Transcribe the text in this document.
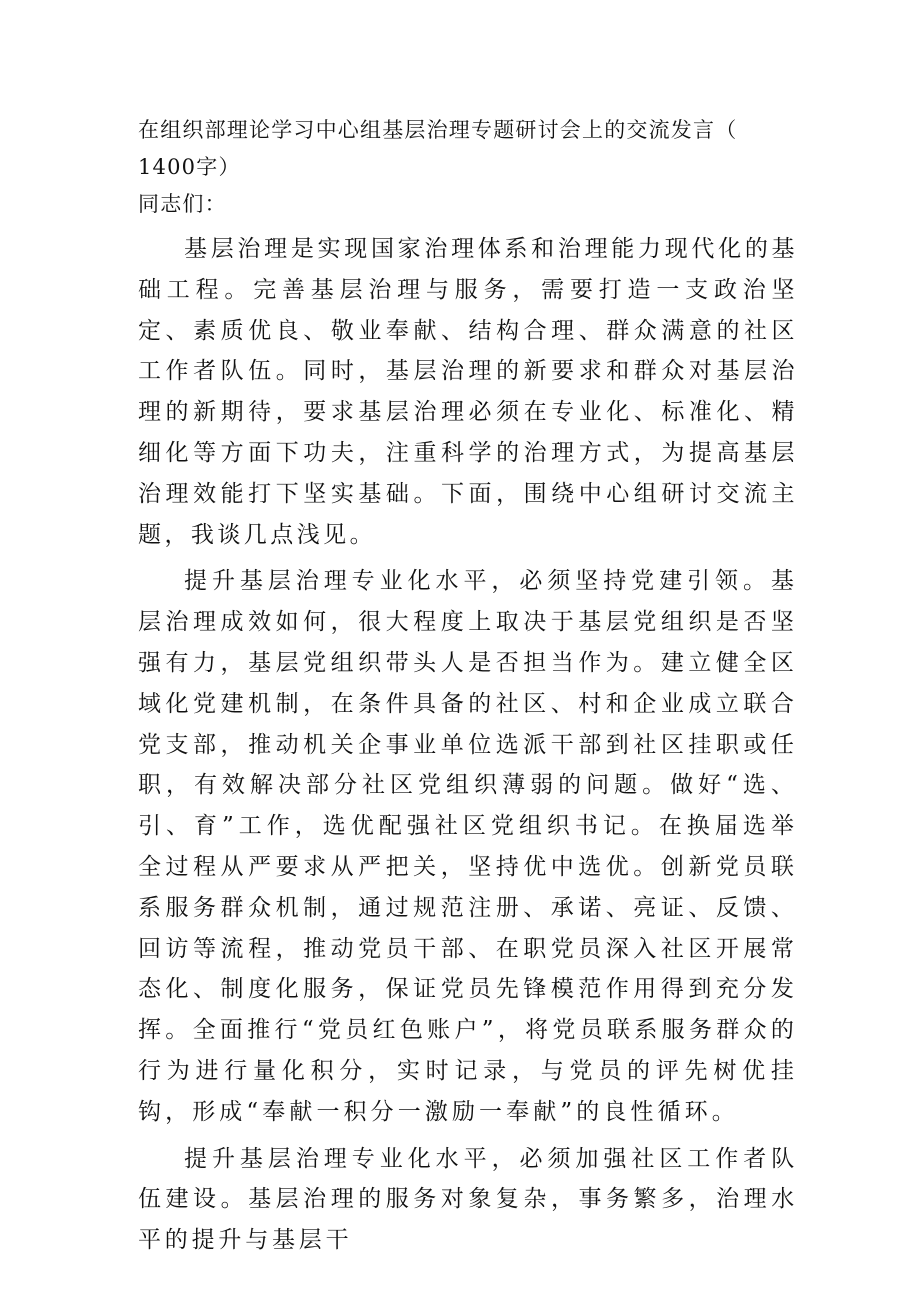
在组织部理论学习中心组基层治理专题研讨会上的交流发言（
1400字）

同志们：

基层治理是实现国家治理体系和治理能力现代化的基础工程。完善基层治理与服务，需要打造一支政治坚定、素质优良、敬业奉献、结构合理、群众满意的社区工作者队伍。同时，基层治理的新要求和群众对基层治理的新期待，要求基层治理必须在专业化、标准化、精细化等方面下功夫，注重科学的治理方式，为提高基层治理效能打下坚实基础。下面，围绕中心组研讨交流主题，我谈几点浅见。

提升基层治理专业化水平，必须坚持党建引领。基层治理成效如何，很大程度上取决于基层党组织是否坚强有力，基层党组织带头人是否担当作为。建立健全区域化党建机制，在条件具备的社区、村和企业成立联合党支部，推动机关企事业单位选派干部到社区挂职或任职，有效解决部分社区党组织薄弱的问题。做好“选、引、育”工作，选优配强社区党组织书记。在换届选举全过程从严要求从严把关，坚持优中选优。创新党员联系服务群众机制，通过规范注册、承诺、亮证、反馈、回访等流程，推动党员干部、在职党员深入社区开展常态化、制度化服务，保证党员先锋模范作用得到充分发挥。全面推行“党员红色账户”，将党员联系服务群众的行为进行量化积分，实时记录，与党员的评先树优挂钩，形成“奉献一积分一激励一奉献”的良性循环。

提升基层治理专业化水平，必须加强社区工作者队伍建设。基层治理的服务对象复杂，事务繁多，治理水平的提升与基层干
